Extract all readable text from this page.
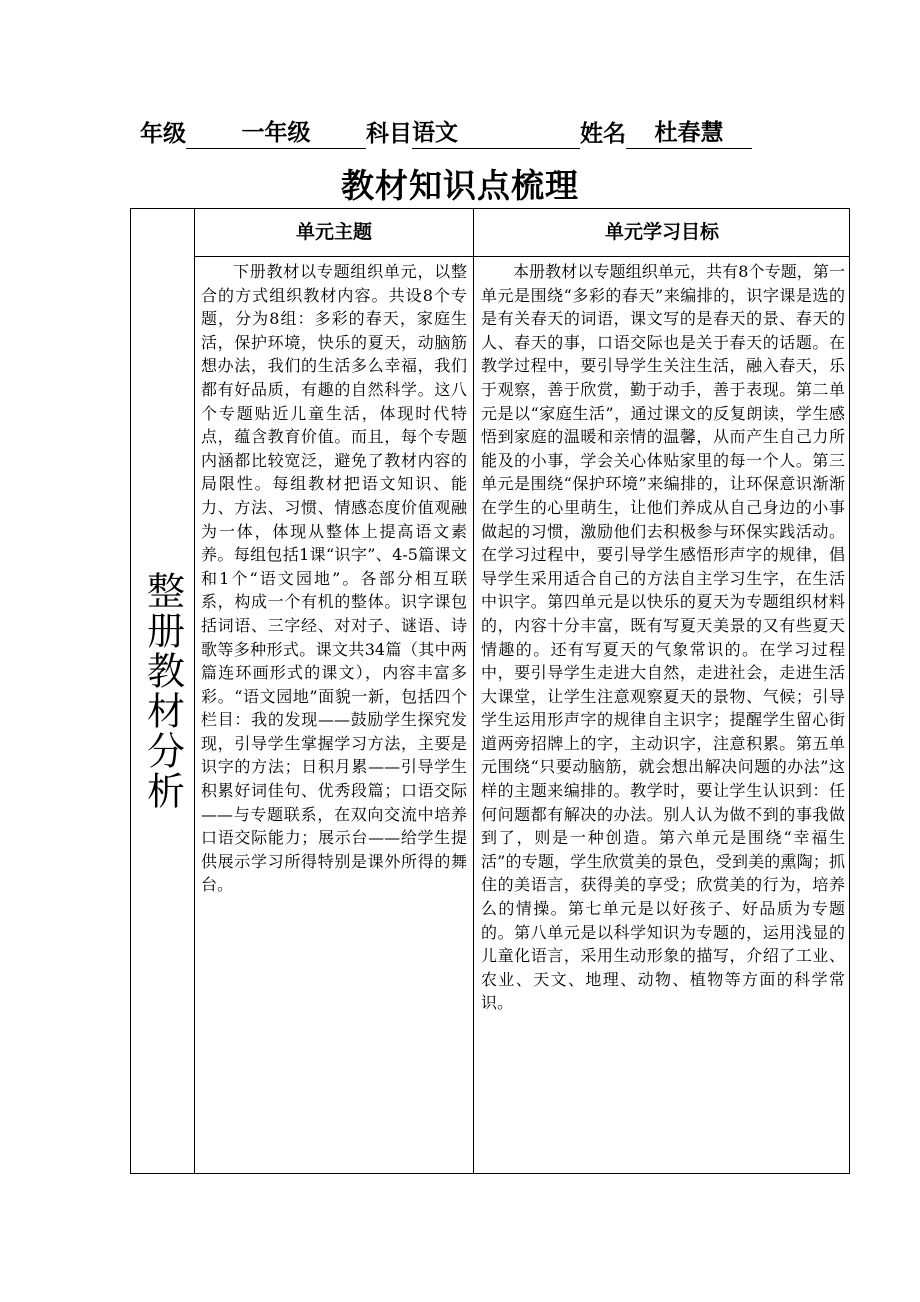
年级 一年级 科目语文	姓名 杜春慧
教材知识点梳理
整册教材分析
单元主题	单元学习目标
下册教材以专题组织单元，以整合的方式组织教材内容。共设8个专题，分为8组：多彩的春天，家庭生活，保护环境，快乐的夏天，动脑筋想办法，我们的生活多么幸福，我们都有好品质，有趣的自然科学。这八个专题贴近儿童生活，体现时代特点，蕴含教育价值。而且，每个专题内涵都比较宽泛，避免了教材内容的局限性。每组教材把语文知识、能力、方法、习惯、情感态度价值观融为一体，体现从整体上提高语文素养。每组包括1课“识字”、4-5篇课文和1个“语文园地”。各部分相互联系，构成一个有机的整体。识字课包括词语、三字经、对对子、谜语、诗歌等多种形式。课文共34篇（其中两篇连环画形式的课文），内容丰富多彩。“语文园地”面貌一新，包括四个栏目：我的发现——鼓励学生探究发现，引导学生掌握学习方法，主要是识字的方法；日积月累——引导学生积累好词佳句、优秀段篇；口语交际——与专题联系，在双向交流中培养口语交际能力；展示台——给学生提供展示学习所得特别是课外所得的舞台。
本册教材以专题组织单元，共有8个专题，第一单元是围绕“多彩的春天”来编排的，识字课是选的是有关春天的词语，课文写的是春天的景、春天的人、春天的事，口语交际也是关于春天的话题。在教学过程中，要引导学生关注生活，融入春天，乐于观察，善于欣赏，勤于动手，善于表现。第二单元是以“家庭生活”，通过课文的反复朗读，学生感悟到家庭的温暖和亲情的温馨，从而产生自己力所能及的小事，学会关心体贴家里的每一个人。第三单元是围绕“保护环境”来编排的，让环保意识渐渐在学生的心里萌生，让他们养成从自己身边的小事做起的习惯，激励他们去积极参与环保实践活动。在学习过程中，要引导学生感悟形声字的规律，倡导学生采用适合自己的方法自主学习生字，在生活中识字。第四单元是以快乐的夏天为专题组织材料的，内容十分丰富，既有写夏天美景的又有些夏天情趣的。还有写夏天的气象常识的。在学习过程中，要引导学生走进大自然，走进社会，走进生活大课堂，让学生注意观察夏天的景物、气候；引导学生运用形声字的规律自主识字；提醒学生留心街道两旁招牌上的字，主动识字，注意积累。第五单元围绕“只要动脑筋，就会想出解决问题的办法”这样的主题来编排的。教学时，要让学生认识到：任何问题都有解决的办法。别人认为做不到的事我做到了，则是一种创造。第六单元是围绕“幸福生活”的专题，学生欣赏美的景色，受到美的熏陶；抓住的美语言，获得美的享受；欣赏美的行为，培养么的情操。第七单元是以好孩子、好品质为专题的。第八单元是以科学知识为专题的，运用浅显的儿童化语言，采用生动形象的描写，介绍了工业、农业、天文、地理、动物、植物等方面的科学常识。
